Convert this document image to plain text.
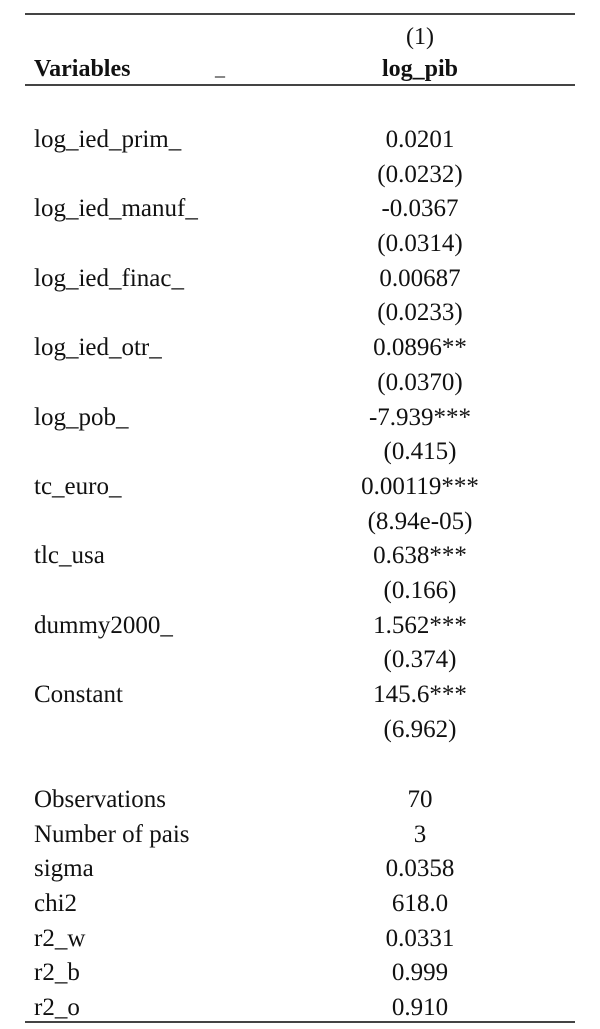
(1)
Variables	_	log_pib
log_ied_prim_	0.0201
(0.0232)
log_ied_manuf_	-0.0367
(0.0314)
log_ied_finac_	0.00687
(0.0233)
log_ied_otr_	0.0896**
(0.0370)
log_pob_	-7.939***
(0.415)
tc_euro_	0.00119***
(8.94e-05)
tlc_usa	0.638***
(0.166)
dummy2000_	1.562***
(0.374)
Constant	145.6***
(6.962)
Observations	70
Number of pais	3
sigma	0.0358
chi2	618.0
r2_w	0.0331
r2_b	0.999
r2_o	0.910
